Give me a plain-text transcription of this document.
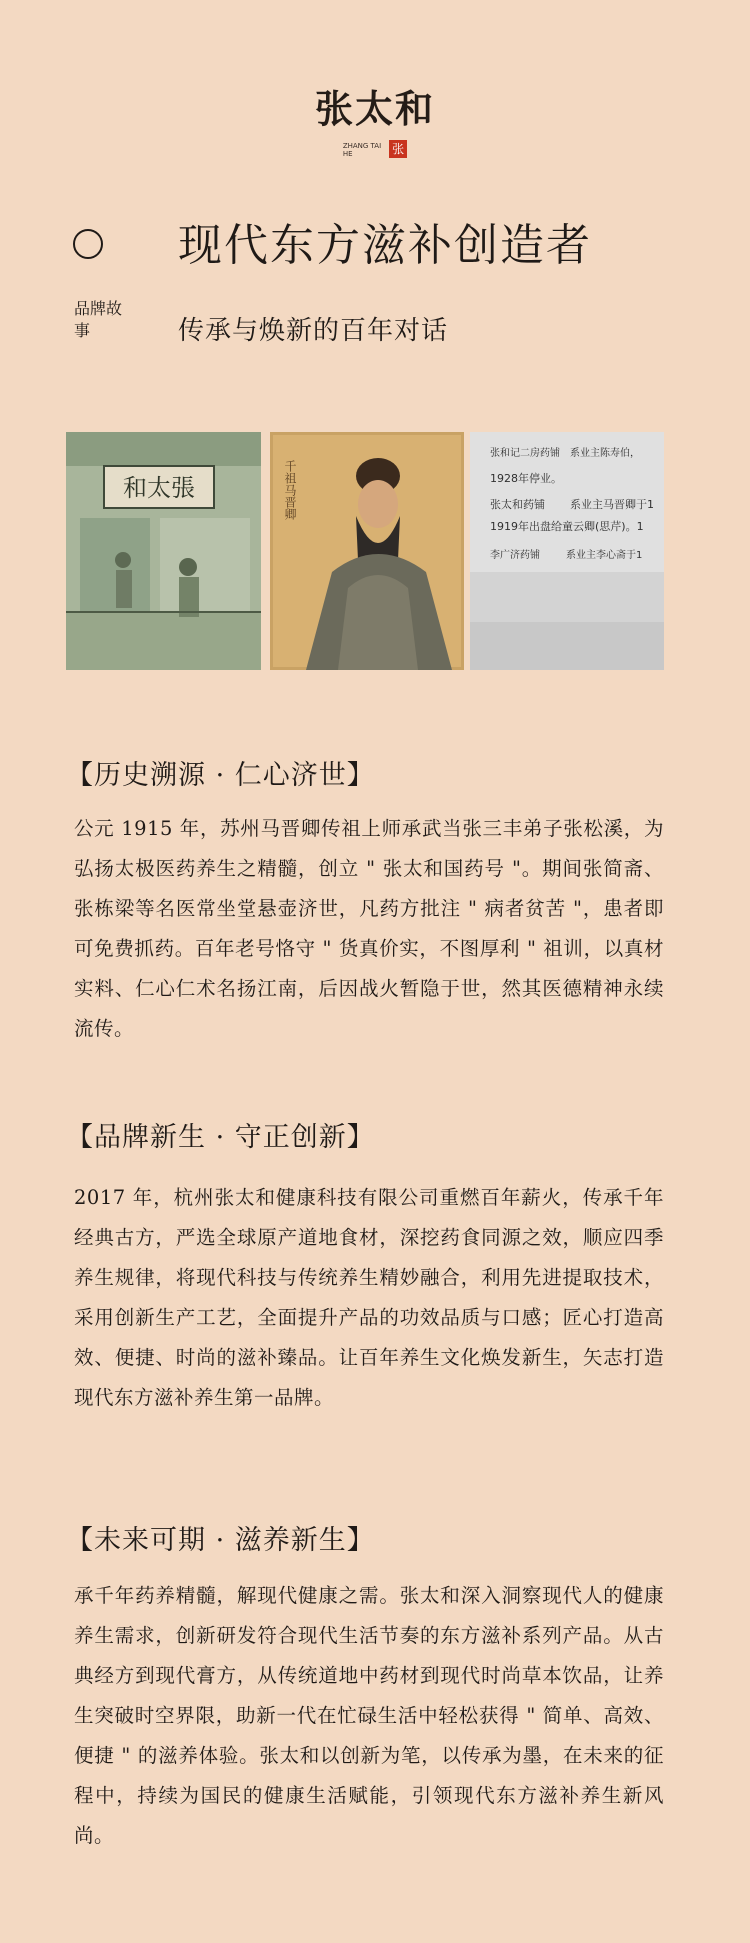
张太和
ZHANG TAI
HE	张
现代东方滋补创造者
品牌故事	传承与焕新的百年对话
和太張	千祖马晋卿
张和记二房药铺 系业主陈寿伯，
1928年停业。
张太和药铺 系业主马晋卿于1
1919年出盘给童云卿(思芹)。1
李广济药铺	系业主李心斋于1
【历史溯源 · 仁心济世】
公元 1915 年，苏州马晋卿传祖上师承武当张三丰弟子张松溪，为弘扬太极医药养生之精髓，创立 " 张太和国药号 "。期间张简斋、张栋梁等名医常坐堂悬壶济世，凡药方批注 " 病者贫苦 "，患者即可免费抓药。百年老号恪守 " 货真价实，不图厚利 " 祖训，以真材实料、仁心仁术名扬江南，后因战火暂隐于世，然其医德精神永续流传。
【品牌新生 · 守正创新】
2017 年，杭州张太和健康科技有限公司重燃百年薪火，传承千年经典古方，严选全球原产道地食材，深挖药食同源之效，顺应四季养生规律，将现代科技与传统养生精妙融合，利用先进提取技术，采用创新生产工艺，全面提升产品的功效品质与口感；匠心打造高效、便捷、时尚的滋补臻品。让百年养生文化焕发新生，矢志打造现代东方滋补养生第一品牌。
【未来可期 · 滋养新生】
承千年药养精髓，解现代健康之需。张太和深入洞察现代人的健康养生需求，创新研发符合现代生活节奏的东方滋补系列产品。从古典经方到现代膏方，从传统道地中药材到现代时尚草本饮品，让养生突破时空界限，助新一代在忙碌生活中轻松获得 " 简单、高效、便捷 " 的滋养体验。张太和以创新为笔，以传承为墨，在未来的征程中，持续为国民的健康生活赋能，引领现代东方滋补养生新风尚。
